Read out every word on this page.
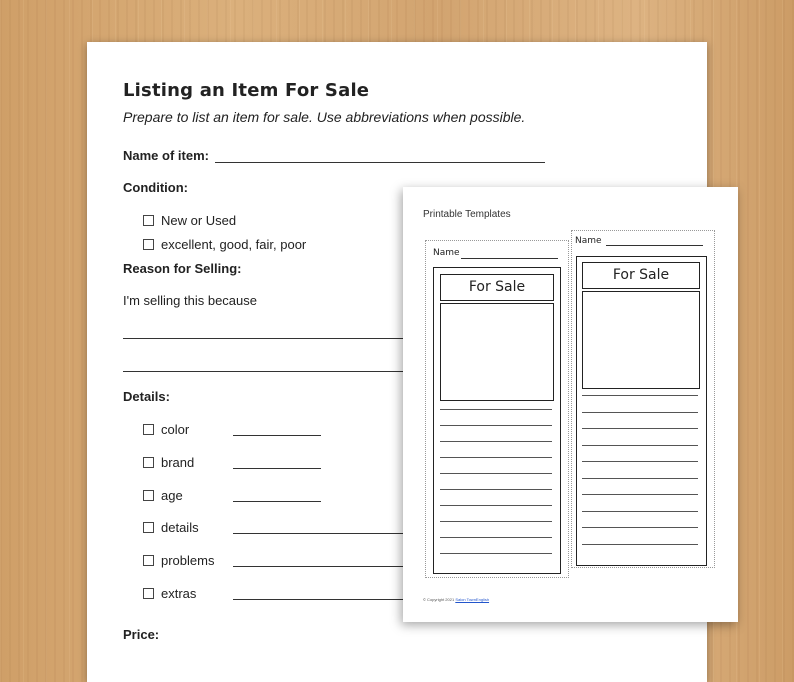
Listing an Item For Sale
Prepare to list an item for sale. Use abbreviations when possible.
Name of item:
Condition:
New or Used
excellent, good, fair, poor
Reason for Selling:
I'm selling this because
Details:
color
brand
age
details
problems
extras
Price:
Printable Templates
Name
For Sale
Name
For Sale
© Copyright 2021 Salon TownEnglish
